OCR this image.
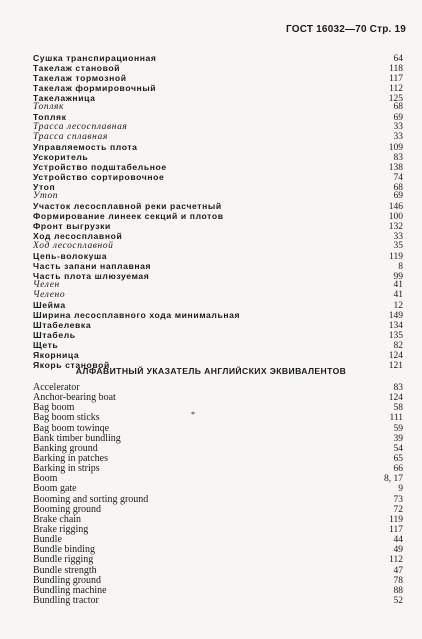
ГОСТ 16032—70 Стр. 19
Сушка транспирационная	64
Такелаж становой	118
Такелаж тормозной	117
Такелаж формировочный	112
Такелажница	125
Топляк	68
Топляк	69
Трасса лесосплавная	33
Трасса сплавная	33
Управляемость плота	109
Ускоритель	83
Устройство подштабельное	138
Устройство сортировочное	74
Утоп	68
Утоп	69
Участок лесосплавной реки расчетный	146
Формирование линеек секций и плотов	100
Фронт выгрузки	132
Ход лесосплавной	33
Ход лесосплавной	35
Цепь-волокуша	119
Часть запани наплавная	8
Часть плота шлюзуемая	99
Челен	41
Челено	41
Шейма	12
Ширина лесосплавного хода минимальная	149
Штабелевка	134
Штабель	135
Щеть	82
Якорница	124
Якорь становой	121
АЛФАВИТНЫЙ УКАЗАТЕЛЬ АНГЛИЙСКИХ ЭКВИВАЛЕНТОВ
*
Accelerator	83
Anchor-bearing boat	124
Bag boom	58
Bag boom sticks	111
Bag boom towinqe	59
Bank timber bundling	39
Banking ground	54
Barking in patches	65
Barking in strips	66
Boom	8, 17
Boom gate	9
Booming and sorting ground	73
Booming ground	72
Brake chain	119
Brake rigging	117
Bundle	44
Bundle binding	49
Bundle rigging	112
Bundle strength	47
Bundling ground	78
Bundling machine	88
Bundling tractor	52
